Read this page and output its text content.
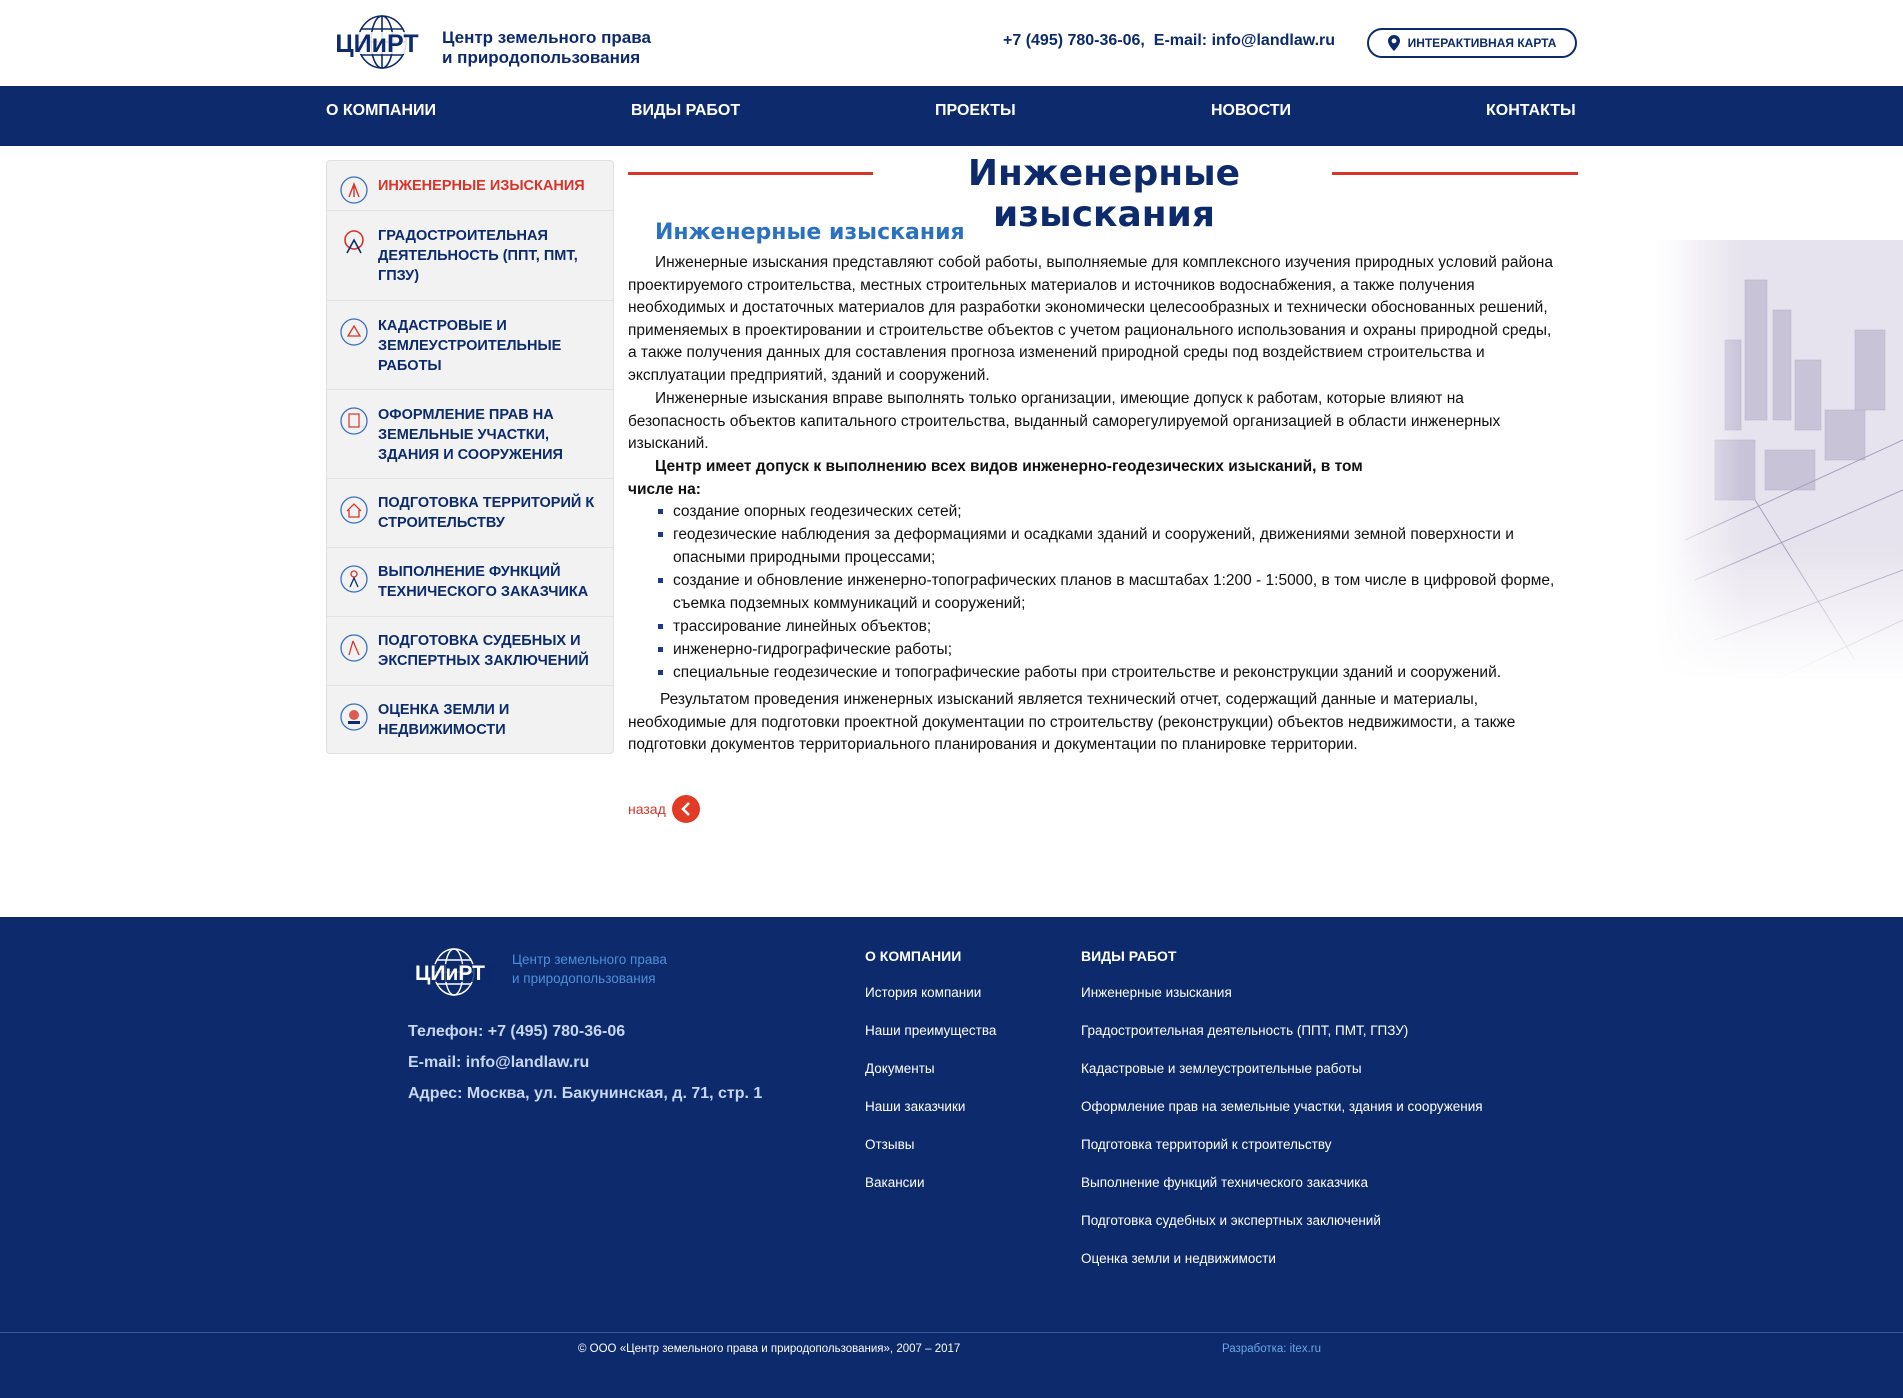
ЦИиРТ Центр земельного права
и природопользования
+7 (495) 780-36-06, E-mail: info@landlaw.ru	ИНТЕРАКТИВНАЯ КАРТА
О КОМПАНИИ	ВИДЫ РАБОТ	ПРОЕКТЫ	НОВОСТИ	КОНТАКТЫ
ИНЖЕНЕРНЫЕ ИЗЫСКАНИЯ
ГРАДОСТРОИТЕЛЬНАЯ ДЕЯТЕЛЬНОСТЬ (ППТ, ПМТ, ГПЗУ)
КАДАСТРОВЫЕ И ЗЕМЛЕУСТРОИТЕЛЬНЫЕ РАБОТЫ
ОФОРМЛЕНИЕ ПРАВ НА ЗЕМЕЛЬНЫЕ УЧАСТКИ, ЗДАНИЯ И СООРУЖЕНИЯ
ПОДГОТОВКА ТЕРРИТОРИЙ К СТРОИТЕЛЬСТВУ
ВЫПОЛНЕНИЕ ФУНКЦИЙ ТЕХНИЧЕСКОГО ЗАКАЗЧИКА
ПОДГОТОВКА СУДЕБНЫХ И ЭКСПЕРТНЫХ ЗАКЛЮЧЕНИЙ
ОЦЕНКА ЗЕМЛИ И НЕДВИЖИМОСТИ
Инженерные изыскания
Инженерные изыскания

Инженерные изыскания представляют собой работы, выполняемые для комплексного изучения природных условий района проектируемого строительства, местных строительных материалов и источников водоснабжения, а также получения необходимых и достаточных материалов для разработки экономически целесообразных и технически обоснованных решений, применяемых в проектировании и строительстве объектов с учетом рационального использования и охраны природной среды, а также получения данных для составления прогноза изменений природной среды под воздействием строительства и эксплуатации предприятий, зданий и сооружений.

Инженерные изыскания вправе выполнять только организации, имеющие допуск к работам, которые влияют на безопасность объектов капитального строительства, выданный саморегулируемой организацией в области инженерных изысканий.

Центр имеет допуск к выполнению всех видов инженерно-геодезических изысканий, в том числе на:

создание опорных геодезических сетей;
геодезические наблюдения за деформациями и осадками зданий и сооружений, движениями земной поверхности и опасными природными процессами;
создание и обновление инженерно-топографических планов в масштабах 1:200 - 1:5000, в том числе в цифровой форме, съемка подземных коммуникаций и сооружений;
трассирование линейных объектов;
инженерно-гидрографические работы;
специальные геодезические и топографические работы при строительстве и реконструкции зданий и сооружений.

Результатом проведения инженерных изысканий является технический отчет, содержащий данные и материалы, необходимые для подготовки проектной документации по строительству (реконструкции) объектов недвижимости, а также подготовки документов территориального планирования и документации по планировке территории.

назад
ЦИиРТ
Центр земельного права
и природопользования
Телефон: +7 (495) 780-36-06
E-mail: info@landlaw.ru
Адрес: Москва, ул. Бакунинская, д. 71, стр. 1
О КОМПАНИИ
История компании
Наши преимущества
Документы
Наши заказчики
Отзывы
Вакансии
ВИДЫ РАБОТ
Инженерные изыскания
Градостроительная деятельность (ППТ, ПМТ, ГПЗУ)
Кадастровые и землеустроительные работы
Оформление прав на земельные участки, здания и сооружения
Подготовка территорий к строительству
Выполнение функций технического заказчика
Подготовка судебных и экспертных заключений
Оценка земли и недвижимости
© ООО «Центр земельного права и природопользования», 2007 – 2017	Разработка: itex.ru
